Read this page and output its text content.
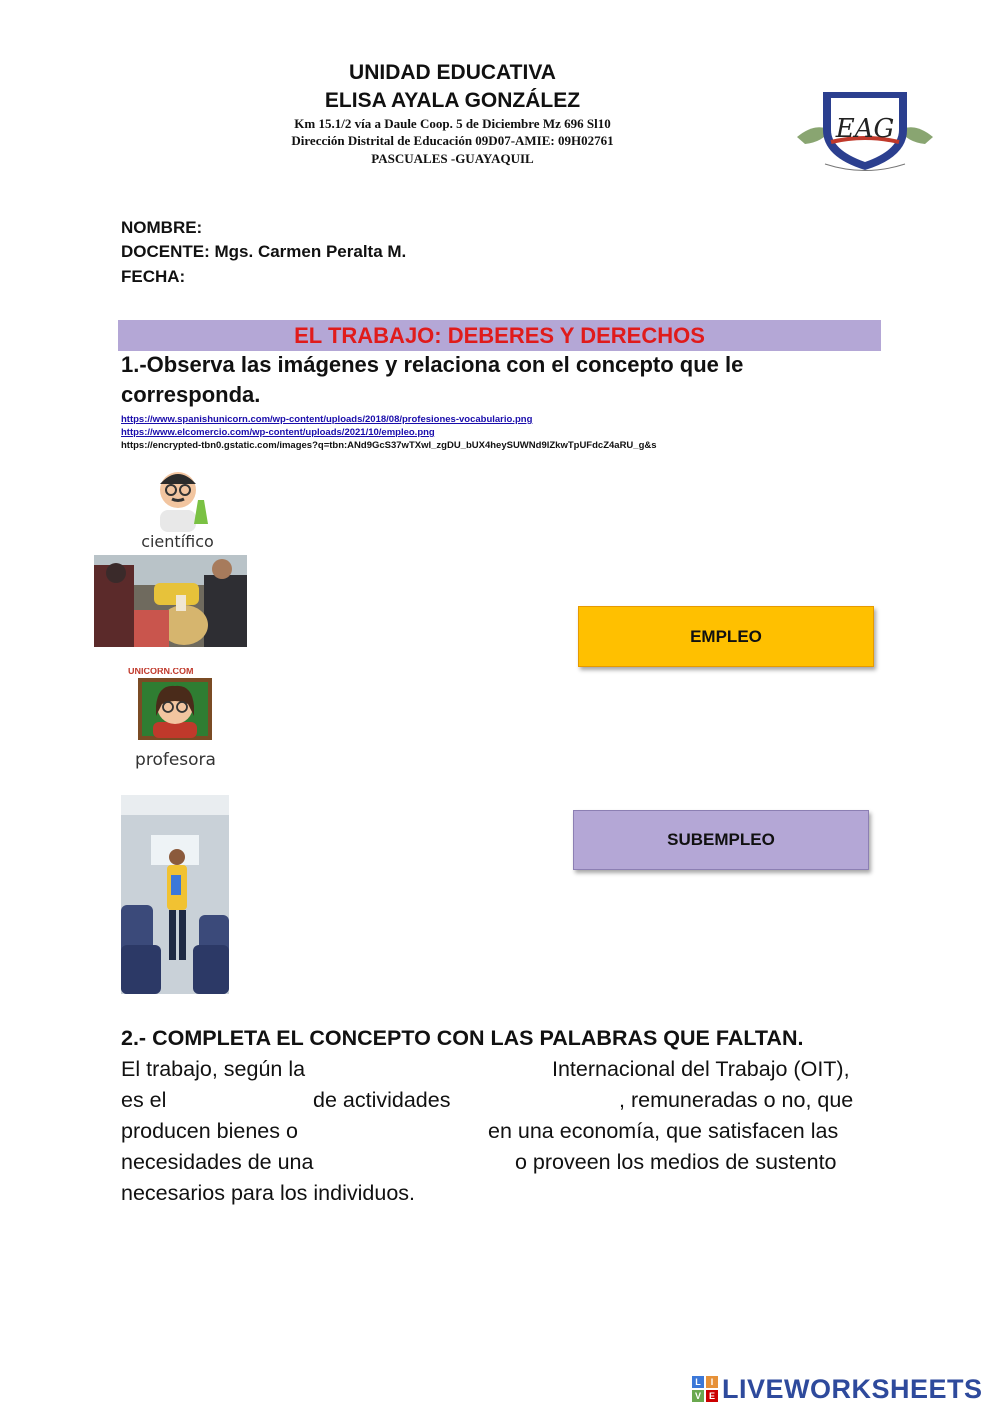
UNIDAD EDUCATIVA
ELISA AYALA GONZÁLEZ
Km 15.1/2 vía a Daule Coop. 5 de Diciembre Mz 696 Sl10
Dirección Distrital de Educación 09D07-AMIE: 09H02761
PASCUALES -GUAYAQUIL
EAG
NOMBRE:
DOCENTE: Mgs. Carmen Peralta M.
FECHA:
EL TRABAJO: DEBERES Y DERECHOS
1.-Observa las imágenes y relaciona con el concepto que le
corresponda.
https://www.spanishunicorn.com/wp-content/uploads/2018/08/profesiones-vocabulario.png
https://www.elcomercio.com/wp-content/uploads/2021/10/empleo.png
https://encrypted-tbn0.gstatic.com/images?q=tbn:ANd9GcS37wTXwl_zgDU_bUX4heySUWNd9lZkwTpUFdcZ4aRU_g&s
científico
UNICORN.COM
profesora
EMPLEO
SUBEMPLEO
2.- COMPLETA EL CONCEPTO CON LAS PALABRAS QUE FALTAN.
El trabajo, según la	Internacional del Trabajo (OIT),
es el	de actividades	, remuneradas o no, que
producen bienes o	en una economía, que satisfacen las
necesidades de una	o proveen los medios de sustento
necesarios para los individuos.
L	I
V E LIVEWORKSHEETS
